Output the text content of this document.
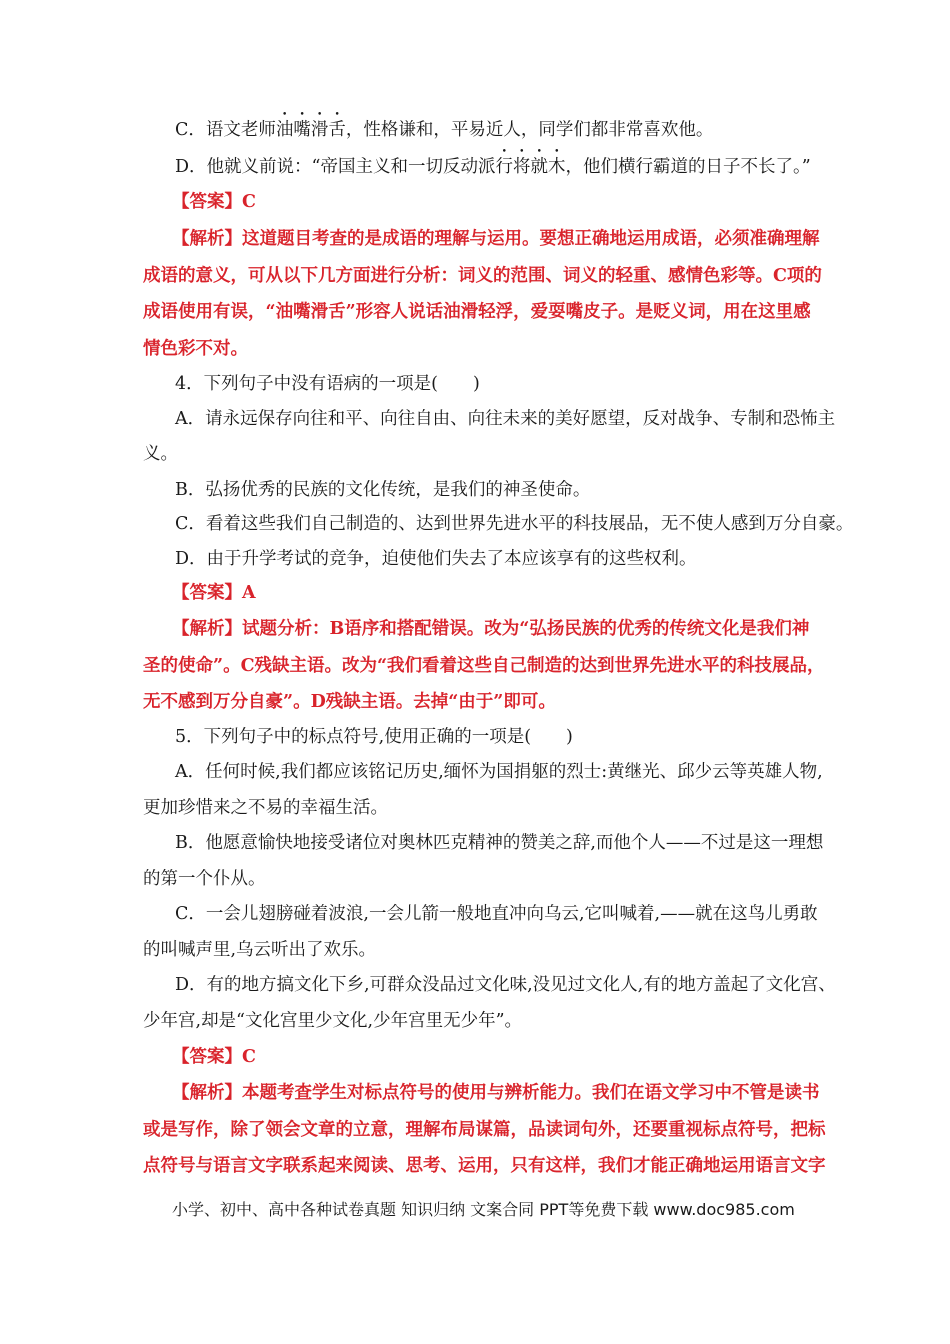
C．语文老师油嘴滑舌，性格谦和，平易近人，同学们都非常喜欢他。
D．他就义前说：“帝国主义和一切反动派行将就木，他们横行霸道的日子不长了。”
【答案】C
【解析】这道题目考查的是成语的理解与运用。要想正确地运用成语，必须准确理解
成语的意义，可从以下几方面进行分析：词义的范围、词义的轻重、感情色彩等。C项的
成语使用有误，“油嘴滑舌”形容人说话油滑轻浮，爱耍嘴皮子。是贬义词，用在这里感
情色彩不对。
4．下列句子中没有语病的一项是(　　)
A．请永远保存向往和平、向往自由、向往未来的美好愿望，反对战争、专制和恐怖主
义。
B．弘扬优秀的民族的文化传统，是我们的神圣使命。
C．看着这些我们自己制造的、达到世界先进水平的科技展品，无不使人感到万分自豪。
D．由于升学考试的竞争，迫使他们失去了本应该享有的这些权利。
【答案】A
【解析】试题分析：B语序和搭配错误。改为“弘扬民族的优秀的传统文化是我们神
圣的使命”。C残缺主语。改为“我们看着这些自己制造的达到世界先进水平的科技展品，
无不感到万分自豪”。D残缺主语。去掉“由于”即可。
5．下列句子中的标点符号,使用正确的一项是(　　)
A．任何时候,我们都应该铭记历史,缅怀为国捐躯的烈士:黄继光、邱少云等英雄人物,
更加珍惜来之不易的幸福生活。
B．他愿意愉快地接受诸位对奥林匹克精神的赞美之辞,而他个人——不过是这一理想
的第一个仆从。
C．一会儿翅膀碰着波浪,一会儿箭一般地直冲向乌云,它叫喊着,——就在这鸟儿勇敢
的叫喊声里,乌云听出了欢乐。
D．有的地方搞文化下乡,可群众没品过文化味,没见过文化人,有的地方盖起了文化宫、
少年宫,却是“文化宫里少文化,少年宫里无少年”。
【答案】C
【解析】本题考查学生对标点符号的使用与辨析能力。我们在语文学习中不管是读书
或是写作，除了领会文章的立意，理解布局谋篇，品读词句外，还要重视标点符号，把标
点符号与语言文字联系起来阅读、思考、运用，只有这样，我们才能正确地运用语言文字
小学、初中、高中各种试卷真题 知识归纳 文案合同 PPT等免费下载 www.doc985.com
